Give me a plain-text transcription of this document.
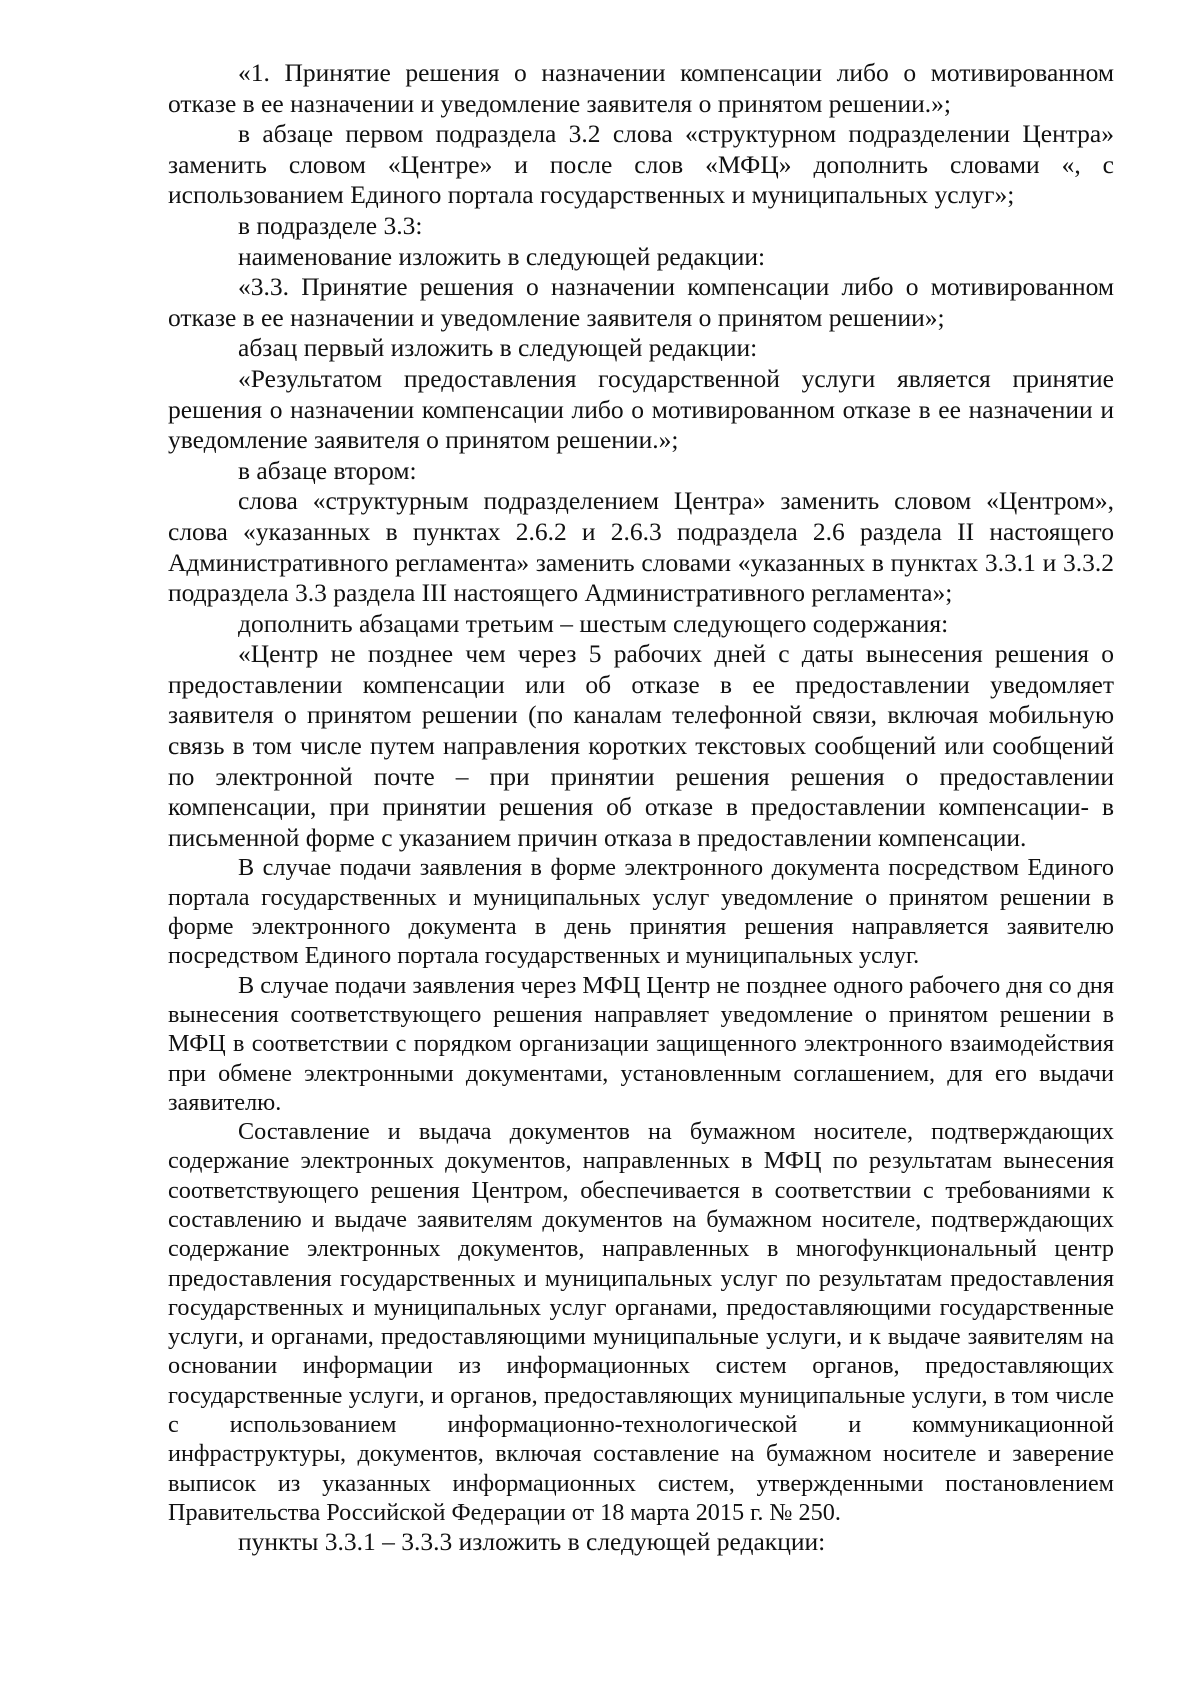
«1. Принятие решения о назначении компенсации либо о мотивированном отказе в ее назначении и уведомление заявителя о принятом решении.»;

в абзаце первом подраздела 3.2 слова «структурном подразделении Центра» заменить словом «Центре» и после слов «МФЦ» дополнить словами «, с использованием Единого портала государственных и муниципальных услуг»;

в подразделе 3.3:

наименование изложить в следующей редакции:

«3.3. Принятие решения о назначении компенсации либо о мотивированном отказе в ее назначении и уведомление заявителя о принятом решении»;

абзац первый изложить в следующей редакции:

«Результатом предоставления государственной услуги является принятие решения о назначении компенсации либо о мотивированном отказе в ее назначении и уведомление заявителя о принятом решении.»;

в абзаце втором:

слова «структурным подразделением Центра» заменить словом «Центром», слова «указанных в пунктах 2.6.2 и 2.6.3 подраздела 2.6 раздела II настоящего Административного регламента» заменить словами «указанных в пунктах 3.3.1 и 3.3.2 подраздела 3.3 раздела III настоящего Административного регламента»;

дополнить абзацами третьим – шестым следующего содержания:

«Центр не позднее чем через 5 рабочих дней с даты вынесения решения о предоставлении компенсации или об отказе в ее предоставлении уведомляет заявителя о принятом решении (по каналам телефонной связи, включая мобильную связь в том числе путем направления коротких текстовых сообщений или сообщений по электронной почте – при принятии решения решения о предоставлении компенсации, при принятии решения об отказе в предоставлении компенсации- в письменной форме с указанием причин отказа в предоставлении компенсации.

В случае подачи заявления в форме электронного документа посредством Единого портала государственных и муниципальных услуг уведомление о принятом решении в форме электронного документа в день принятия решения направляется заявителю посредством Единого портала государственных и муниципальных услуг.

В случае подачи заявления через МФЦ Центр не позднее одного рабочего дня со дня вынесения соответствующего решения направляет уведомление о принятом решении в МФЦ в соответствии с порядком организации защищенного электронного взаимодействия при обмене электронными документами, установленным соглашением, для его выдачи заявителю.

Составление и выдача документов на бумажном носителе, подтверждающих содержание электронных документов, направленных в МФЦ по результатам вынесения соответствующего решения Центром, обеспечивается в соответствии с требованиями к составлению и выдаче заявителям документов на бумажном носителе, подтверждающих содержание электронных документов, направленных в многофункциональный центр предоставления государственных и муниципальных услуг по результатам предоставления государственных и муниципальных услуг органами, предоставляющими государственные услуги, и органами, предоставляющими муниципальные услуги, и к выдаче заявителям на основании информации из информационных систем органов, предоставляющих государственные услуги, и органов, предоставляющих муниципальные услуги, в том числе с использованием информационно-технологической и коммуникационной инфраструктуры, документов, включая составление на бумажном носителе и заверение выписок из указанных информационных систем, утвержденными постановлением Правительства Российской Федерации от 18 марта 2015 г. № 250.

пункты 3.3.1 – 3.3.3 изложить в следующей редакции:
